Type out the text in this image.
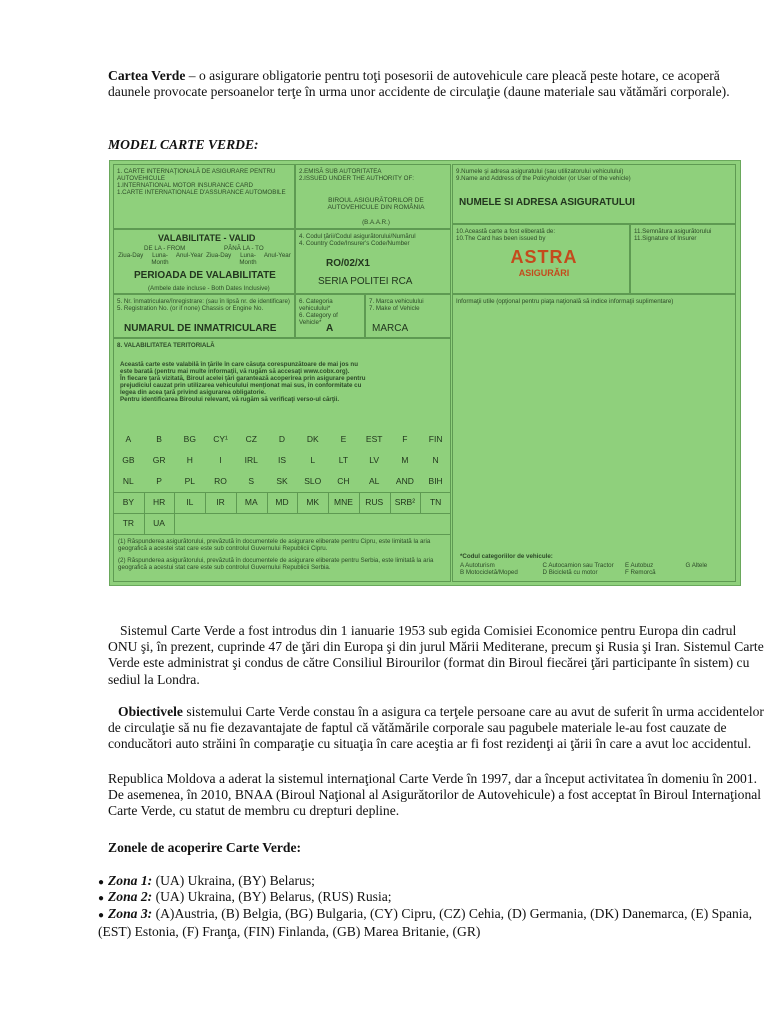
Cartea Verde – o asigurare obligatorie pentru toţi posesorii de autovehicule care pleacă peste hotare, ce acoperă daunele provocate persoanelor terţe în urma unor accidente de circulaţie (daune materiale sau vătămări corporale).
MODEL CARTE VERDE:
1. CARTE INTERNAŢIONALĂ DE ASIGURARE PENTRU AUTOVEHICULE
1.INTERNATIONAL MOTOR INSURANCE CARD
1.CARTE INTERNATIONALE D'ASSURANCE AUTOMOBILE
2.EMISĂ SUB AUTORITATEA
2.ISSUED UNDER THE AUTHORITY OF:
BIROUL ASIGURĂTORILOR DE AUTOVEHICULE DIN ROMÂNIA
(B.A.A.R.)
9.Numele şi adresa asiguratului (sau utilizatorului vehiculului)
9.Name and Address of the Policyholder (or User of the vehicle)
NUMELE SI ADRESA ASIGURATULUI
VALABILITATE - VALID
DE LA - FROM	PÂNĂ LA - TO
Ziua-Day	Luna-Month
Anul-Year Ziua-Day	Luna-Month
Anul-Year
PERIOADA DE VALABILITATE
(Ambele date incluse - Both Dates Inclusive)
4. Codul ţării/Codul asigurătorului/Numărul
4. Country Code/Insurer's Code/Number
RO/02/X1
SERIA POLITEI RCA
10.Această carte a fost eliberată de:
10.The Card has been issued by
11.Semnătura asigurătorului
11.Signature of Insurer
ASTRA
ASIGURĂRI
5. Nr. înmatriculare/înregistrare: (sau în lipsă nr. de identificare)
5. Registration No. (or if none) Chassis or Engine No.
NUMARUL DE INMATRICULARE
6. Categoria vehiculului*
6. Category of Vehicle*
A
7. Marca vehiculului
7. Make of Vehicle
MARCA
Informaţii utile (opţional pentru piaţa naţională să indice informaţii suplimentare)
8. VALABILITATEA TERITORIALĂ
Această carte este valabilă în ţările în care căsuţa corespunzătoare de mai jos nu este barată (pentru mai multe informaţii, vă rugăm să accesaţi www.cobx.org).
În fiecare ţară vizitată, Biroul acelei ţări garantează acoperirea prin asigurare pentru prejudiciul cauzat prin utilizarea vehiculului menţionat mai sus, în conformitate cu legea din acea ţară privind asigurarea obligatorie.
Pentru identificarea Biroului relevant, vă rugăm să verificaţi verso-ul cărţii.
A	B	BG	CY¹	CZ	D	DK	E	EST	F	FIN
GB	GR	H	I	IRL	IS	L	LT	LV	M	N
NL	P	PL	RO	S	SK	SLO	CH	AL	AND	BIH
BY	HR	IL	IR	MA	MD	MK	MNE	RUS	SRB²	TN
TR	UA
(1) Răspunderea asigurătorului, prevăzută în documentele de asigurare eliberate pentru Cipru, este limitată la aria geografică a acestei stat care este sub controlul Guvernului Republicii Cipru.
(2) Răspunderea asigurătorului, prevăzută în documentele de asigurare eliberate pentru Serbia, este limitată la aria geografică a acestui stat care este sub controlul Guvernului Republicii Serbia.
*Codul categoriilor de vehicule:
A Autoturism	C Autocamion sau Tractor	E Autobuz	G Altele
B Motocicletă/Moped	D Bicicletă cu motor	F Remorcă
Sistemul Carte Verde a fost introdus din 1 ianuarie 1953 sub egida Comisiei Economice pentru Europa din cadrul ONU şi, în prezent, cuprinde 47 de ţări din Europa şi din jurul Mării Mediterane, precum şi Rusia şi Iran. Sistemul Carte Verde este administrat şi condus de către Consiliul Birourilor (format din Biroul fiecărei ţări participante în sistem) cu sediul la Londra.
Obiectivele sistemului Carte Verde constau în a asigura ca terţele persoane care au avut de suferit în urma accidentelor de circulaţie să nu fie dezavantajate de faptul că vătămările corporale sau pagubele materiale le-au fost cauzate de conducători auto străini în comparaţie cu situaţia în care aceştia ar fi fost rezidenţi ai ţării în care a avut loc accidentul.
Republica Moldova a aderat la sistemul internaţional Carte Verde în 1997, dar a început activitatea în domeniu în 2001. De asemenea, în 2010, BNAA (Biroul Naţional al Asigurătorilor de Autovehicule) a fost acceptat în Biroul Internaţional Carte Verde, cu statut de membru cu drepturi depline.
Zonele de acoperire Carte Verde:
● Zona 1: (UA) Ukraina, (BY) Belarus;
● Zona 2: (UA) Ukraina, (BY) Belarus, (RUS) Rusia;
● Zona 3: (A)Austria, (B) Belgia, (BG) Bulgaria, (CY) Cipru, (CZ) Cehia, (D) Germania, (DK) Danemarca, (E) Spania, (EST) Estonia, (F) Franţa, (FIN) Finlanda, (GB) Marea Britanie, (GR)
